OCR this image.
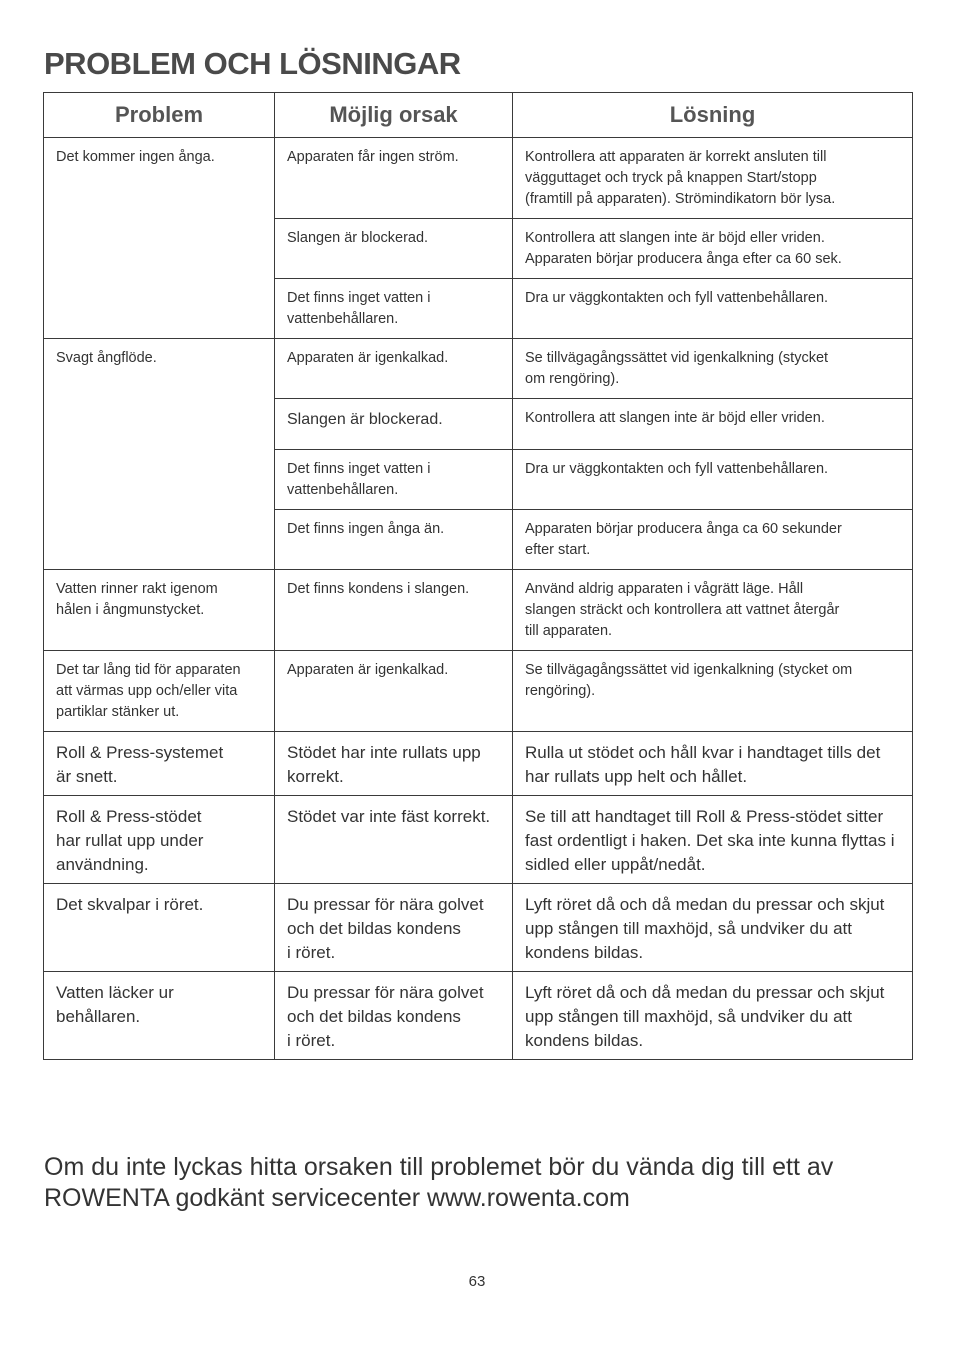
PROBLEM OCH LÖSNINGAR
Problem	Möjlig orsak	Lösning
Det kommer ingen ånga.	Apparaten får ingen ström.	Kontrollera att apparaten är korrekt ansluten till
vägguttaget och tryck på knappen Start/stopp
(framtill på apparaten). Strömindikatorn bör lysa.
	Slangen är blockerad.	Kontrollera att slangen inte är böjd eller vriden.
Apparaten börjar producera ånga efter ca 60 sek.
	Det finns inget vatten i
vattenbehållaren.	Dra ur väggkontakten och fyll vattenbehållaren.
Svagt ångflöde.	Apparaten är igenkalkad.	Se tillvägagångssättet vid igenkalkning (stycket
om rengöring).
	Slangen är blockerad.	Kontrollera att slangen inte är böjd eller vriden.
	Det finns inget vatten i
vattenbehållaren.	Dra ur väggkontakten och fyll vattenbehållaren.
	Det finns ingen ånga än.	Apparaten börjar producera ånga ca 60 sekunder
efter start.
Vatten rinner rakt igenom
hålen i ångmunstycket.	Det finns kondens i slangen.	Använd aldrig apparaten i vågrätt läge. Håll
slangen sträckt och kontrollera att vattnet återgår
till apparaten.
Det tar lång tid för apparaten
att värmas upp och/eller vita
partiklar stänker ut.	Apparaten är igenkalkad.	Se tillvägagångssättet vid igenkalkning (stycket om
rengöring).
Roll & Press-systemet
är snett.	Stödet har inte rullats upp
korrekt.	Rulla ut stödet och håll kvar i handtaget tills det
har rullats upp helt och hållet.
Roll & Press-stödet
har rullat upp under
användning.	Stödet var inte fäst korrekt.	Se till att handtaget till Roll & Press-stödet sitter
fast ordentligt i haken. Det ska inte kunna flyttas i
sidled eller uppåt/nedåt.
Det skvalpar i röret.	Du pressar för nära golvet
och det bildas kondens
i röret.	Lyft röret då och då medan du pressar och skjut
upp stången till maxhöjd, så undviker du att
kondens bildas.
Vatten läcker ur
behållaren.	Du pressar för nära golvet
och det bildas kondens
i röret.	Lyft röret då och då medan du pressar och skjut
upp stången till maxhöjd, så undviker du att
kondens bildas.

Om du inte lyckas hitta orsaken till problemet bör du vända dig till ett av ROWENTA godkänt servicecenter www.rowenta.com

63
